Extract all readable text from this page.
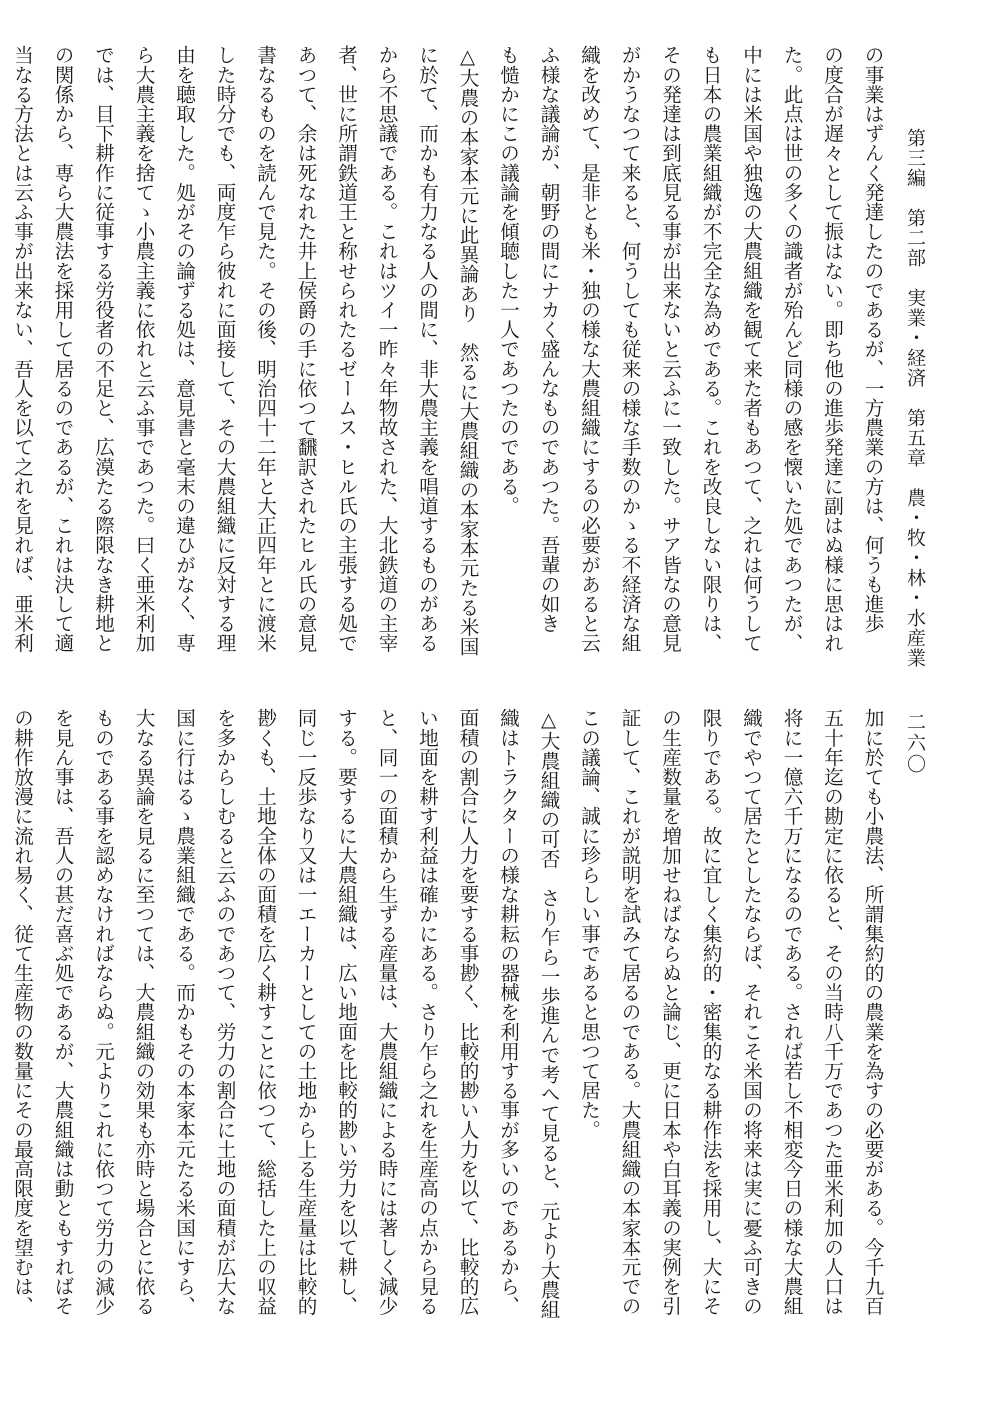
第三編　第二部　実業・経済　第五章　農・牧・林・水産業
二六〇
の事業はずんく発達したのであるが、一方農業の方は、何うも進歩
の度合が遅々として振はない。即ち他の進歩発達に副はぬ様に思はれ
た。此点は世の多くの識者が殆んど同様の感を懐いた処であつたが、
中には米国や独逸の大農組織を観て来た者もあつて、之れは何うして
も日本の農業組織が不完全な為めである。これを改良しない限りは、
その発達は到底見る事が出来ないと云ふに一致した。サア皆なの意見
がかうなつて来ると、何うしても従来の様な手数のかゝる不経済な組
織を改めて、是非とも米・独の様な大農組織にするの必要があると云
ふ様な議論が、朝野の間にナカく盛んなものであつた。吾輩の如き
も慥かにこの議論を傾聴した一人であつたのである。
△大農の本家本元に此異論あり　然るに大農組織の本家本元たる米国
に於て、而かも有力なる人の間に、非大農主義を唱道するものがある
から不思議である。これはツイ一昨々年物故された、大北鉄道の主宰
者、世に所謂鉄道王と称せられたるゼームス・ヒル氏の主張する処で
あつて、余は死なれた井上侯爵の手に依つて飜訳されたヒル氏の意見
書なるものを読んで見た。その後、明治四十二年と大正四年とに渡米
した時分でも、両度乍ら彼れに面接して、その大農組織に反対する理
由を聴取した。処がその論ずる処は、意見書と毫末の違ひがなく、専
ら大農主義を捨てゝ小農主義に依れと云ふ事であつた。曰く亜米利加
では、目下耕作に従事する労役者の不足と、広漠たる際限なき耕地と
の関係から、専ら大農法を採用して居るのであるが、これは決して適
当なる方法とは云ふ事が出来ない、吾人を以て之れを見れば、亜米利
加に於ても小農法、所謂集約的の農業を為すの必要がある。今千九百
五十年迄の勘定に依ると、その当時八千万であつた亜米利加の人口は
将に一億六千万になるのである。されば若し不相変今日の様な大農組
織でやつて居たとしたならば、それこそ米国の将来は実に憂ふ可きの
限りである。故に宜しく集約的・密集的なる耕作法を採用し、大にそ
の生産数量を増加せねばならぬと論じ、更に日本や白耳義の実例を引
証して、これが説明を試みて居るのである。大農組織の本家本元での
この議論、誠に珍らしい事であると思つて居た。
△大農組織の可否　さり乍ら一歩進んで考へて見ると、元より大農組
織はトラクターの様な耕耘の器械を利用する事が多いのであるから、
面積の割合に人力を要する事尠く、比較的尠い人力を以て、比較的広
い地面を耕す利益は確かにある。さり乍ら之れを生産高の点から見る
と、同一の面積から生ずる産量は、大農組織による時には著しく減少
する。要するに大農組織は、広い地面を比較的尠い労力を以て耕し、
同じ一反歩なり又は一エーカーとしての土地から上る生産量は比較的
尠くも、土地全体の面積を広く耕すことに依つて、総括した上の収益
を多からしむると云ふのであつて、労力の割合に土地の面積が広大な
国に行はるゝ農業組織である。而かもその本家本元たる米国にすら、
大なる異論を見るに至つては、大農組織の効果も亦時と場合とに依る
ものである事を認めなければならぬ。元よりこれに依つて労力の減少
を見ん事は、吾人の甚だ喜ぶ処であるが、大農組織は動ともすればそ
の耕作放漫に流れ易く、従て生産物の数量にその最高限度を望むは、
